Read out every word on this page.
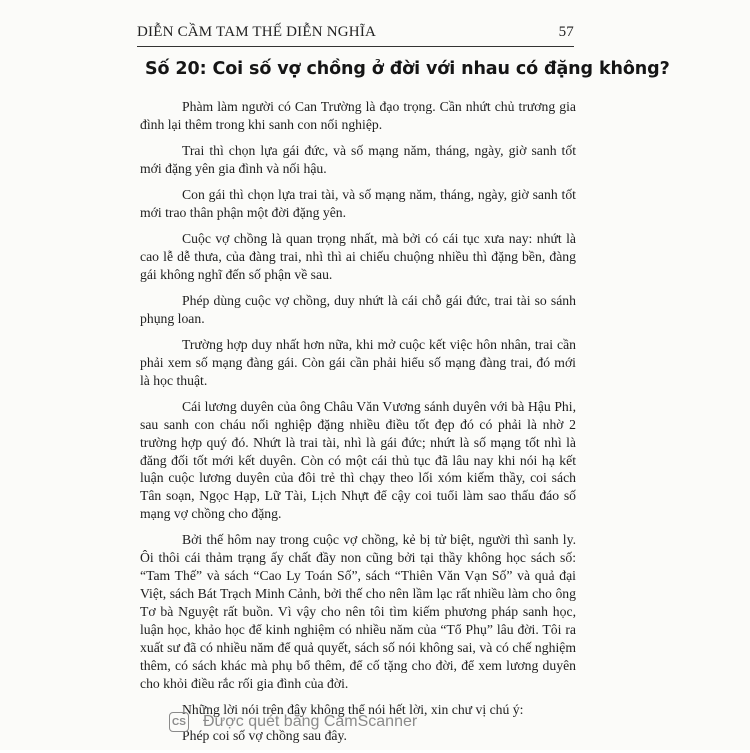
DIỄN CẦM TAM THẾ DIỄN NGHĨA	57
Số 20: Coi số vợ chồng ở đời với nhau có đặng không?

Phàm làm người có Can Trường là đạo trọng. Cần nhứt chủ trương gia đình lại thêm trong khi sanh con nối nghiệp.

Trai thì chọn lựa gái đức, và số mạng năm, tháng, ngày, giờ sanh tốt mới đặng yên gia đình và nối hậu.

Con gái thì chọn lựa trai tài, và số mạng năm, tháng, ngày, giờ sanh tốt mới trao thân phận một đời đặng yên.

Cuộc vợ chồng là quan trọng nhất, mà bởi có cái tục xưa nay: nhứt là cao lễ dễ thưa, của đàng trai, nhì thì ai chiếu chuộng nhiều thì đặng bền, đàng gái không nghĩ đến số phận về sau.

Phép dùng cuộc vợ chồng, duy nhứt là cái chỗ gái đức, trai tài so sánh phụng loan.

Trường hợp duy nhất hơn nữa, khi mở cuộc kết việc hôn nhân, trai cần phải xem số mạng đàng gái. Còn gái cần phải hiểu số mạng đàng trai, đó mới là học thuật.

Cái lương duyên của ông Châu Văn Vương sánh duyên với bà Hậu Phi, sau sanh con cháu nối nghiệp đặng nhiều điều tốt đẹp đó có phải là nhờ 2 trường hợp quý đó. Nhứt là trai tài, nhì là gái đức; nhứt là số mạng tốt nhì là đăng đối tốt mới kết duyên. Còn có một cái thủ tục đã lâu nay khi nói hạ kết luận cuộc lương duyên của đôi trẻ thì chạy theo lối xóm kiếm thầy, coi sách Tân soạn, Ngọc Hạp, Lữ Tài, Lịch Nhựt để cậy coi tuổi làm sao thấu đáo số mạng vợ chồng cho đặng.

Bởi thế hôm nay trong cuộc vợ chồng, kẻ bị tử biệt, người thì sanh ly. Ôi thôi cái thảm trạng ấy chất đầy non cũng bởi tại thầy không học sách số: “Tam Thế” và sách “Cao Ly Toán Số”, sách “Thiên Văn Vạn Số” và quả đại Việt, sách Bát Trạch Minh Cảnh, bởi thế cho nên lầm lạc rất nhiều làm cho ông Tơ bà Nguyệt rất buồn. Vì vậy cho nên tôi tìm kiếm phương pháp sanh học, luận học, khảo học để kinh nghiệm có nhiều năm của “Tổ Phụ” lâu đời. Tôi ra xuất sư đã có nhiều năm để quả quyết, sách số nói không sai, và có chế nghiệm thêm, có sách khác mà phụ bổ thêm, để cố tặng cho đời, để xem lương duyên cho khỏi điều rắc rối gia đình của đời.

Những lời nói trên đây không thể nói hết lời, xin chư vị chú ý:

Phép coi số vợ chồng sau đây.

CS Được quét bằng CamScanner
